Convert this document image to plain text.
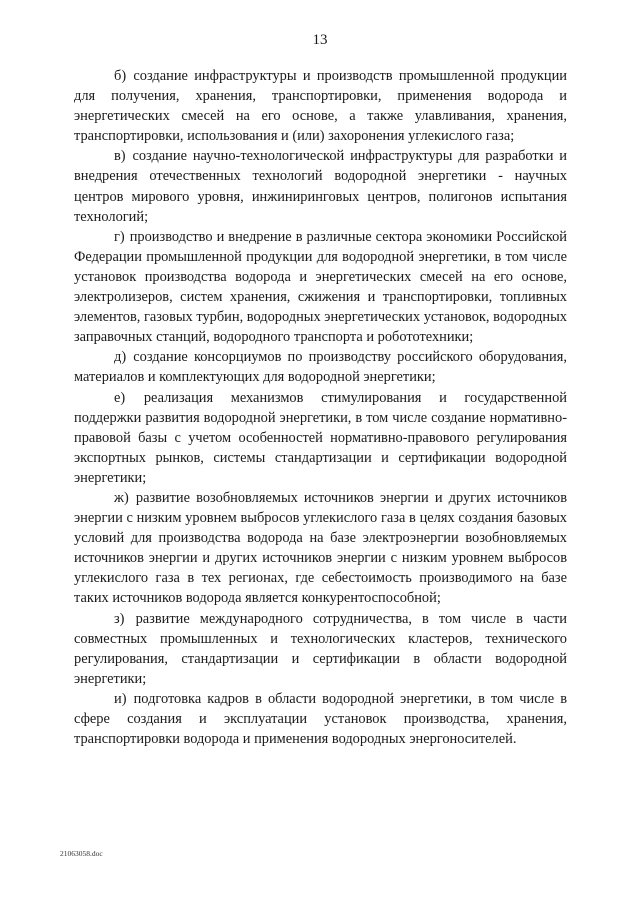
13

б) создание инфраструктуры и производств промышленной продукции для получения, хранения, транспортировки, применения водорода и энергетических смесей на его основе, а также улавливания, хранения, транспортировки, использования и (или) захоронения углекислого газа;

в) создание научно-технологической инфраструктуры для разработки и внедрения отечественных технологий водородной энергетики - научных центров мирового уровня, инжиниринговых центров, полигонов испытания технологий;

г) производство и внедрение в различные сектора экономики Российской Федерации промышленной продукции для водородной энергетики, в том числе установок производства водорода и энергетических смесей на его основе, электролизеров, систем хранения, сжижения и транспортировки, топливных элементов, газовых турбин, водородных энергетических установок, водородных заправочных станций, водородного транспорта и робототехники;

д) создание консорциумов по производству российского оборудования, материалов и комплектующих для водородной энергетики;

е) реализация механизмов стимулирования и государственной поддержки развития водородной энергетики, в том числе создание нормативно-правовой базы с учетом особенностей нормативно-правового регулирования экспортных рынков, системы стандартизации и сертификации водородной энергетики;

ж) развитие возобновляемых источников энергии и других источников энергии с низким уровнем выбросов углекислого газа в целях создания базовых условий для производства водорода на базе электроэнергии возобновляемых источников энергии и других источников энергии с низким уровнем выбросов углекислого газа в тех регионах, где себестоимость производимого на базе таких источников водорода является конкурентоспособной;

з) развитие международного сотрудничества, в том числе в части совместных промышленных и технологических кластеров, технического регулирования, стандартизации и сертификации в области водородной энергетики;

и) подготовка кадров в области водородной энергетики, в том числе в сфере создания и эксплуатации установок производства, хранения, транспортировки водорода и применения водородных энергоносителей.

21063058.doc
